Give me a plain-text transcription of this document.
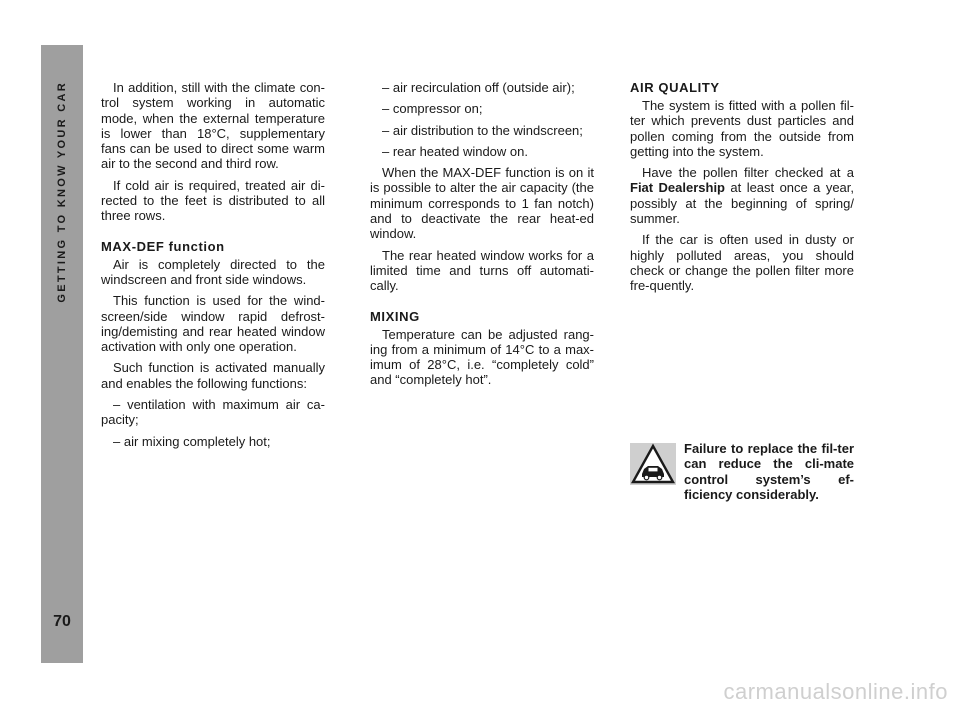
GETTING TO KNOW YOUR CAR
70

In addition, still with the climate con-trol system working in automatic mode, when the external temperature is lower than 18°C, supplementary fans can be used to direct some warm air to the second and third row.

If cold air is required, treated air di-rected to the feet is distributed to all three rows.

MAX-DEF function

Air is completely directed to the windscreen and front side windows.

This function is used for the wind-screen/side window rapid defrost-ing/demisting and rear heated window activation with only one operation.

Such function is activated manually and enables the following functions:

– ventilation with maximum air ca-pacity;

– air mixing completely hot;

– air recirculation off (outside air);

– compressor on;

– air distribution to the windscreen;

– rear heated window on.

When the MAX-DEF function is on it is possible to alter the air capacity (the minimum corresponds to 1 fan notch) and to deactivate the rear heat-ed window.

The rear heated window works for a limited time and turns off automati-cally.

MIXING

Temperature can be adjusted rang-ing from a minimum of 14°C to a max-imum of 28°C, i.e. “completely cold” and “completely hot”.

AIR QUALITY

The system is fitted with a pollen fil-ter which prevents dust particles and pollen coming from the outside from getting into the system.

Have the pollen filter checked at a Fiat Dealership at least once a year, possibly at the beginning of spring/ summer.

If the car is often used in dusty or highly polluted areas, you should check or change the pollen filter more fre-quently.

Failure to replace the fil-ter can reduce the cli-mate control system’s ef-ficiency considerably.

carmanualsonline.info
